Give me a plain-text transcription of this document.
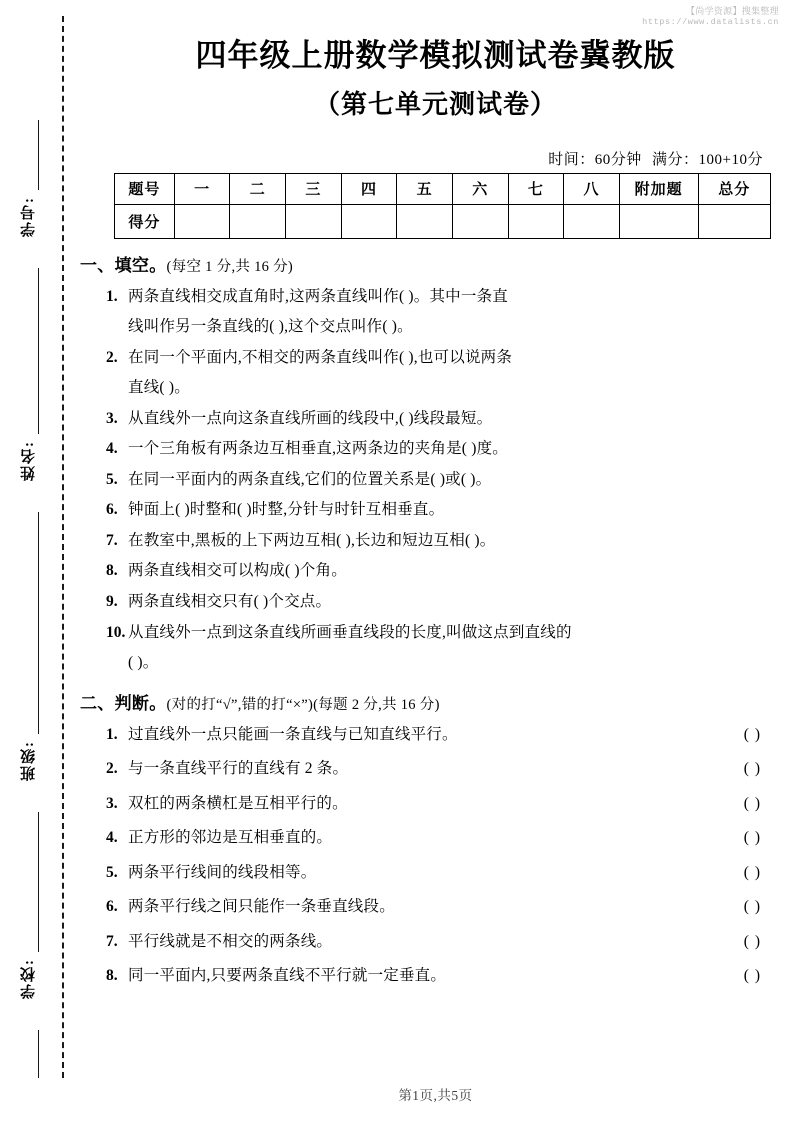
【尚学资源】搜集整理
https://www.datalists.cn
学号:
姓名:
班级:
学校:
四年级上册数学模拟测试卷冀教版
（第七单元测试卷）
时间：60分钟 满分：100+10分
题号	一	二	三	四	五	六	七	八	附加题	总分
得分										
一、填空。(每空 1 分,共 16 分)
1. 两条直线相交成直角时,这两条直线叫作( )。其中一条直
线叫作另一条直线的( ),这个交点叫作( )。
2. 在同一个平面内,不相交的两条直线叫作( ),也可以说两条
直线( )。
3. 从直线外一点向这条直线所画的线段中,( )线段最短。
4. 一个三角板有两条边互相垂直,这两条边的夹角是( )度。
5. 在同一平面内的两条直线,它们的位置关系是( )或( )。
6. 钟面上( )时整和( )时整,分针与时针互相垂直。
7. 在教室中,黑板的上下两边互相( ),长边和短边互相( )。
8. 两条直线相交可以构成( )个角。
9. 两条直线相交只有( )个交点。
10. 从直线外一点到这条直线所画垂直线段的长度,叫做这点到直线的
( )。
二、判断。(对的打“√”,错的打“×”)(每题 2 分,共 16 分)
1. 过直线外一点只能画一条直线与已知直线平行。	( )
2. 与一条直线平行的直线有 2 条。	( )
3. 双杠的两条横杠是互相平行的。	( )
4. 正方形的邻边是互相垂直的。	( )
5. 两条平行线间的线段相等。	( )
6. 两条平行线之间只能作一条垂直线段。	( )
7. 平行线就是不相交的两条线。	( )
8. 同一平面内,只要两条直线不平行就一定垂直。	( )
第1页,共5页
